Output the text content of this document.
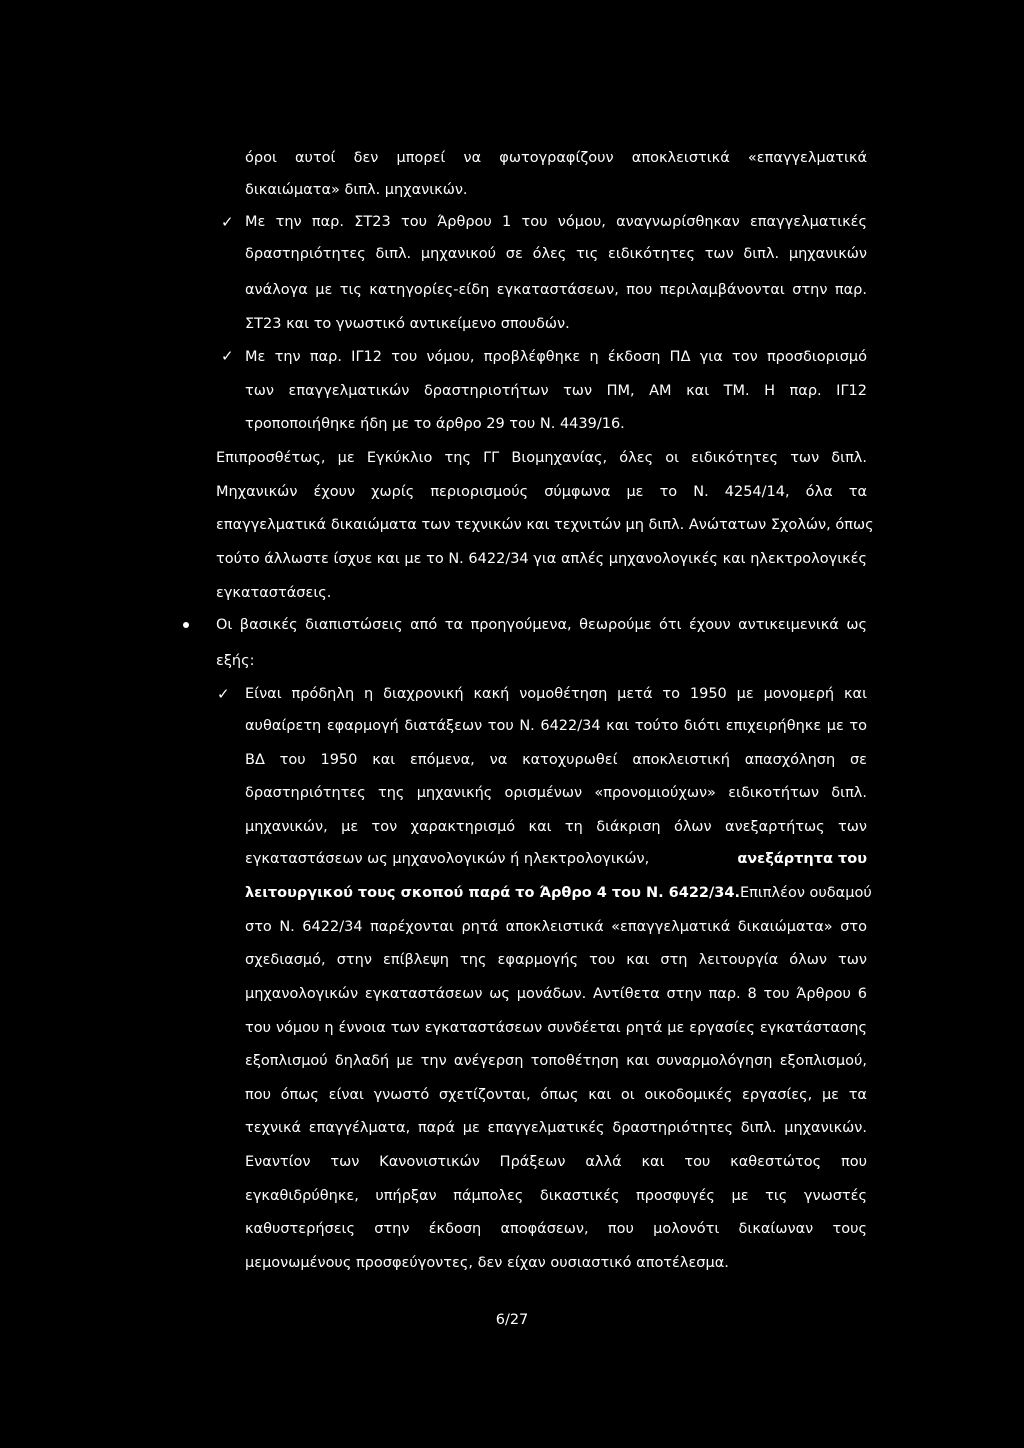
όροι αυτοί δεν μπορεί να φωτογραφίζουν αποκλειστικά «επαγγελματικά
δικαιώματα» διπλ. μηχανικών.
✓ Με την παρ. ΣΤ23 του Άρθρου 1 του νόμου, αναγνωρίσθηκαν επαγγελματικές
δραστηριότητες διπλ. μηχανικού σε όλες τις ειδικότητες των διπλ. μηχανικών
ανάλογα με τις κατηγορίες-είδη εγκαταστάσεων, που περιλαμβάνονται στην παρ.
ΣΤ23 και το γνωστικό αντικείμενο σπουδών.
✓ Με την παρ. ΙΓ12 του νόμου, προβλέφθηκε η έκδοση ΠΔ για τον προσδιορισμό
των επαγγελματικών δραστηριοτήτων των ΠΜ, ΑΜ και ΤΜ. Η παρ. ΙΓ12
τροποποιήθηκε ήδη με το άρθρο 29 του Ν. 4439/16.
Επιπροσθέτως, με Εγκύκλιο της ΓΓ Βιομηχανίας, όλες οι ειδικότητες των διπλ.
Μηχανικών έχουν χωρίς περιορισμούς σύμφωνα με το Ν. 4254/14, όλα τα
επαγγελματικά δικαιώματα των τεχνικών και τεχνιτών μη διπλ. Ανώτατων Σχολών, όπως
τούτο άλλωστε ίσχυε και με το Ν. 6422/34 για απλές μηχανολογικές και ηλεκτρολογικές
εγκαταστάσεις.
Οι βασικές διαπιστώσεις από τα προηγούμενα, θεωρούμε ότι έχουν αντικειμενικά ως
εξής:
✓ Είναι πρόδηλη η διαχρονική κακή νομοθέτηση μετά το 1950 με μονομερή και
αυθαίρετη εφαρμογή διατάξεων του Ν. 6422/34 και τούτο διότι επιχειρήθηκε με το
ΒΔ του 1950 και επόμενα, να κατοχυρωθεί αποκλειστική απασχόληση σε
δραστηριότητες της μηχανικής ορισμένων «προνομιούχων» ειδικοτήτων διπλ.
μηχανικών, με τον χαρακτηρισμό και τη διάκριση όλων ανεξαρτήτως των
εγκαταστάσεων ως μηχανολογικών ή ηλεκτρολογικών,	ανεξάρτητα του
λειτουργικού τους σκοπού παρά το Άρθρο 4 του Ν. 6422/34. Επιπλέον ουδαμού
στο Ν. 6422/34 παρέχονται ρητά αποκλειστικά «επαγγελματικά δικαιώματα» στο
σχεδιασμό, στην επίβλεψη της εφαρμογής του και στη λειτουργία όλων των
μηχανολογικών εγκαταστάσεων ως μονάδων. Αντίθετα στην παρ. 8 του Άρθρου 6
του νόμου η έννοια των εγκαταστάσεων συνδέεται ρητά με εργασίες εγκατάστασης
εξοπλισμού δηλαδή με την ανέγερση τοποθέτηση και συναρμολόγηση εξοπλισμού,
που όπως είναι γνωστό σχετίζονται, όπως και οι οικοδομικές εργασίες, με τα
τεχνικά επαγγέλματα, παρά με επαγγελματικές δραστηριότητες διπλ. μηχανικών.
Εναντίον των Κανονιστικών Πράξεων αλλά και του καθεστώτος που
εγκαθιδρύθηκε, υπήρξαν πάμπολες δικαστικές προσφυγές με τις γνωστές
καθυστερήσεις στην έκδοση αποφάσεων, που μολονότι δικαίωναν τους
μεμονωμένους προσφεύγοντες, δεν είχαν ουσιαστικό αποτέλεσμα.
6/27
